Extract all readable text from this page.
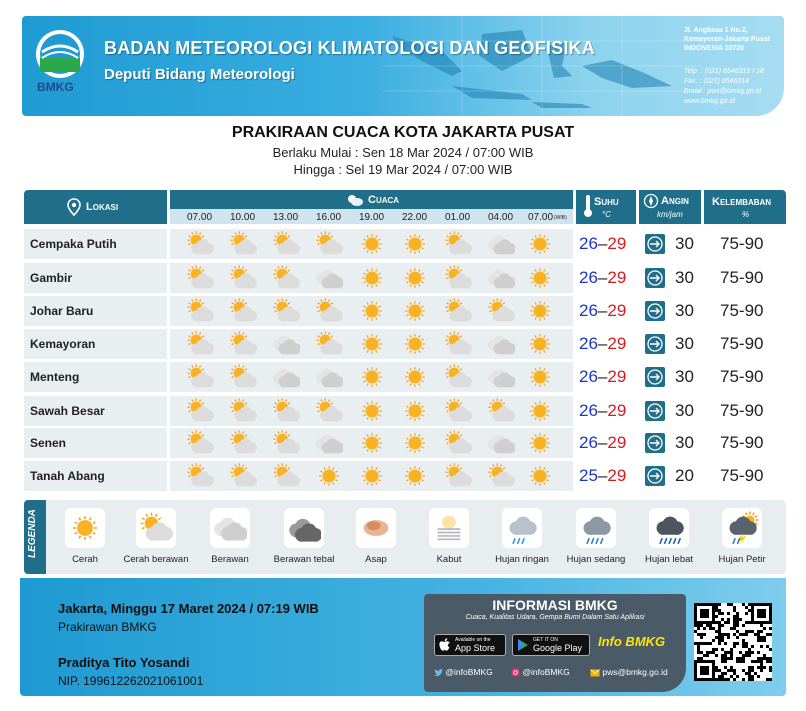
BMKG
BADAN METEOROLOGI KLIMATOLOGI DAN GEOFISIKA
Deputi Bidang Meteorologi
Jl. Angkasa 1 No.2,
Kemayoran-Jakarta Pusat
INDONESIA 10720
Telp. : (021) 6546315 / 18
Fax. : (021) 6546314
Email : pws@bmkg.go.id
www.bmkg.go.id
PRAKIRAAN CUACA KOTA JAKARTA PUSAT
Berlaku Mulai : Sen 18 Mar 2024 / 07:00 WIB
Hingga : Sel 19 Mar 2024 / 07:00 WIB
Lokasi
Cuaca
07.00 10.00 13.00 16.00 19.00 22.00 01.00 04.00 07.00 (WIB)
Suhu
°C
Angin
km/jam
Kelembaban
%
Cempaka Putih	26–29	30 75-90
Gambir	26–29	30 75-90
Johar Baru	26–29	30 75-90
Kemayoran	26–29	30 75-90
Menteng	26–29	30 75-90
Sawah Besar	26–29	30 75-90
Senen	26–29	30 75-90
Tanah Abang	25–29	20 75-90
LEGENDA
Cerah	Cerah berawan	Berawan	Berawan tebal	Asap	Kabut	Hujan ringan	Hujan sedang	Hujan lebat	Hujan Petir
Jakarta, Minggu 17 Maret 2024 / 07:19 WIB
Prakirawan BMKG
Praditya Tito Yosandi
NIP. 199612262021061001
INFORMASI BMKG
Cuaca, Kualitas Udara, Gempa Bumi Dalam Satu Aplikasi
Available on the
App Store
GET IT ON
Google Play Info BMKG
@infoBMKG	@infoBMKG	pws@bmkg.go.id
